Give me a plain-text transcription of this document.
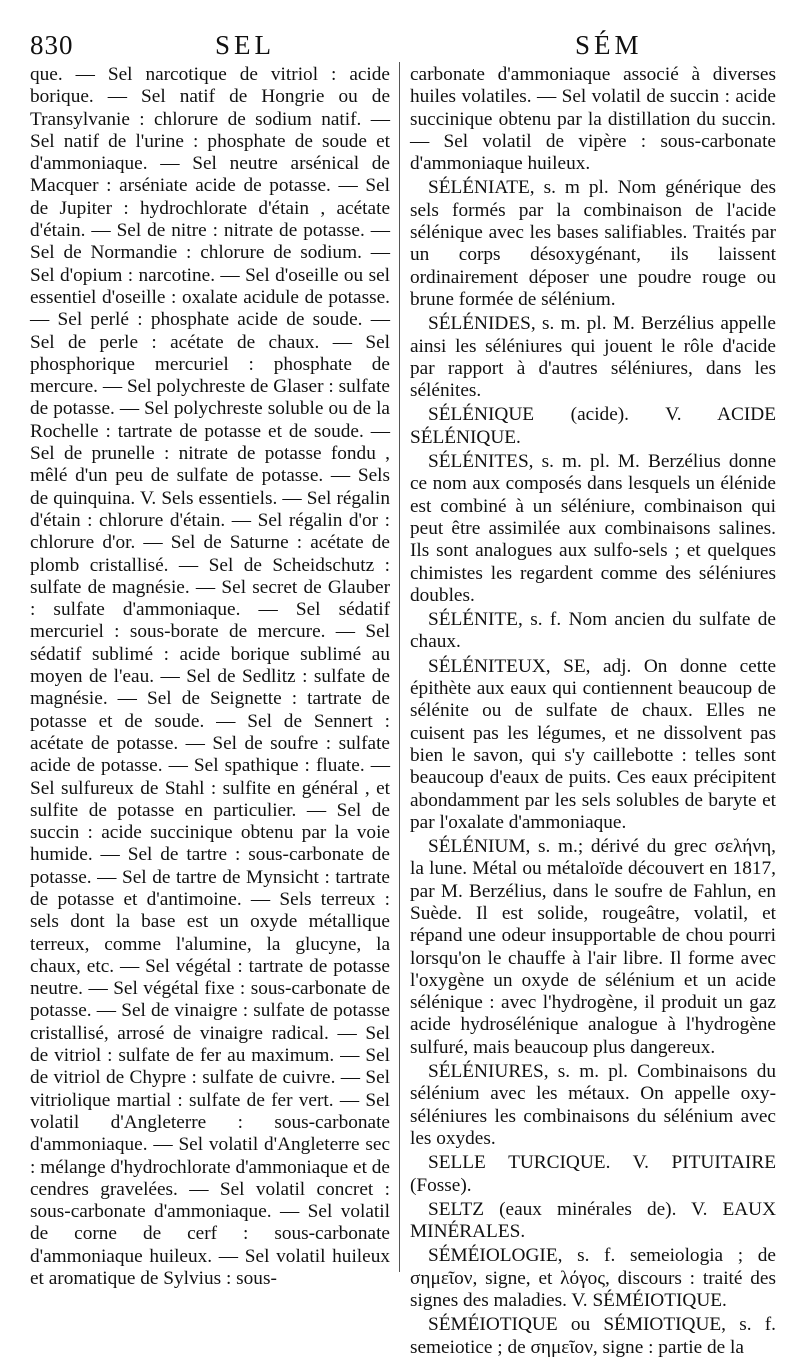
830	SEL	SÉM

que. — Sel narcotique de vitriol : acide borique. — Sel natif de Hongrie ou de Transylvanie : chlorure de sodium natif. — Sel natif de l'urine : phosphate de soude et d'ammoniaque. — Sel neutre arsénical de Macquer : arséniate acide de potasse. — Sel de Jupiter : hydrochlorate d'étain , acétate d'étain. — Sel de nitre : nitrate de potasse. — Sel de Normandie : chlorure de sodium. — Sel d'opium : narcotine. — Sel d'oseille ou sel essentiel d'oseille : oxalate acidule de potasse. — Sel perlé : phosphate acide de soude. — Sel de perle : acétate de chaux. — Sel phosphorique mercuriel : phosphate de mercure. — Sel polychreste de Glaser : sulfate de potasse. — Sel polychreste soluble ou de la Rochelle : tartrate de potasse et de soude. — Sel de prunelle : nitrate de potasse fondu , mêlé d'un peu de sulfate de potasse. — Sels de quinquina. V. Sels essentiels. — Sel régalin d'étain : chlorure d'étain. — Sel régalin d'or : chlorure d'or. — Sel de Saturne : acétate de plomb cristallisé. — Sel de Scheidschutz : sulfate de magnésie. — Sel secret de Glauber : sulfate d'ammoniaque. — Sel sédatif mercuriel : sous-borate de mercure. — Sel sédatif sublimé : acide borique sublimé au moyen de l'eau. — Sel de Sedlitz : sulfate de magnésie. — Sel de Seignette : tartrate de potasse et de soude. — Sel de Sennert : acétate de potasse. — Sel de soufre : sulfate acide de potasse. — Sel spathique : fluate. — Sel sulfureux de Stahl : sulfite en général , et sulfite de potasse en particulier. — Sel de succin : acide succinique obtenu par la voie humide. — Sel de tartre : sous-carbonate de potasse. — Sel de tartre de Mynsicht : tartrate de potasse et d'antimoine. — Sels terreux : sels dont la base est un oxyde métallique terreux, comme l'alumine, la glucyne, la chaux, etc. — Sel végétal : tartrate de potasse neutre. — Sel végétal fixe : sous-carbonate de potasse. — Sel de vinaigre : sulfate de potasse cristallisé, arrosé de vinaigre radical. — Sel de vitriol : sulfate de fer au maximum. — Sel de vitriol de Chypre : sulfate de cuivre. — Sel vitriolique martial : sulfate de fer vert. — Sel volatil d'Angleterre : sous-carbonate d'ammoniaque. — Sel volatil d'Angleterre sec : mélange d'hydrochlorate d'ammoniaque et de cendres gravelées. — Sel volatil concret : sous-carbonate d'ammoniaque. — Sel volatil de corne de cerf : sous-carbonate d'ammoniaque huileux. — Sel volatil huileux et aromatique de Sylvius : sous-

carbonate d'ammoniaque associé à diverses huiles volatiles. — Sel volatil de succin : acide succinique obtenu par la distillation du succin. — Sel volatil de vipère : sous-carbonate d'ammoniaque huileux.

SÉLÉNIATE, s. m pl. Nom générique des sels formés par la combinaison de l'acide sélénique avec les bases salifiables. Traités par un corps désoxygénant, ils laissent ordinairement déposer une poudre rouge ou brune formée de sélénium.

SÉLÉNIDES, s. m. pl. M. Berzélius appelle ainsi les séléniures qui jouent le rôle d'acide par rapport à d'autres séléniures, dans les sélénites.

SÉLÉNIQUE (acide). V. ACIDE SÉLÉNIQUE.

SÉLÉNITES, s. m. pl. M. Berzélius donne ce nom aux composés dans lesquels un élénide est combiné à un séléniure, combinaison qui peut être assimilée aux combinaisons salines. Ils sont analogues aux sulfo-sels ; et quelques chimistes les regardent comme des séléniures doubles.

SÉLÉNITE, s. f. Nom ancien du sulfate de chaux.

SÉLÉNITEUX, SE, adj. On donne cette épithète aux eaux qui contiennent beaucoup de sélénite ou de sulfate de chaux. Elles ne cuisent pas les légumes, et ne dissolvent pas bien le savon, qui s'y caillebotte : telles sont beaucoup d'eaux de puits. Ces eaux précipitent abondamment par les sels solubles de baryte et par l'oxalate d'ammoniaque.

SÉLÉNIUM, s. m.; dérivé du grec σελήνη, la lune. Métal ou métaloïde découvert en 1817, par M. Berzélius, dans le soufre de Fahlun, en Suède. Il est solide, rougeâtre, volatil, et répand une odeur insupportable de chou pourri lorsqu'on le chauffe à l'air libre. Il forme avec l'oxygène un oxyde de sélénium et un acide sélénique : avec l'hydrogène, il produit un gaz acide hydrosélénique analogue à l'hydrogène sulfuré, mais beaucoup plus dangereux.

SÉLÉNIURES, s. m. pl. Combinaisons du sélénium avec les métaux. On appelle oxy-séléniures les combinaisons du sélénium avec les oxydes.

SELLE TURCIQUE. V. PITUITAIRE (Fosse).

SELTZ (eaux minérales de). V. EAUX MINÉRALES.

SÉMÉIOLOGIE, s. f. semeiologia ; de σημεῖον, signe, et λόγος, discours : traité des signes des maladies. V. SÉMÉIOTIQUE.

SÉMÉIOTIQUE ou SÉMIOTIQUE, s. f. semeiotice ; de σημεῖον, signe : partie de la
